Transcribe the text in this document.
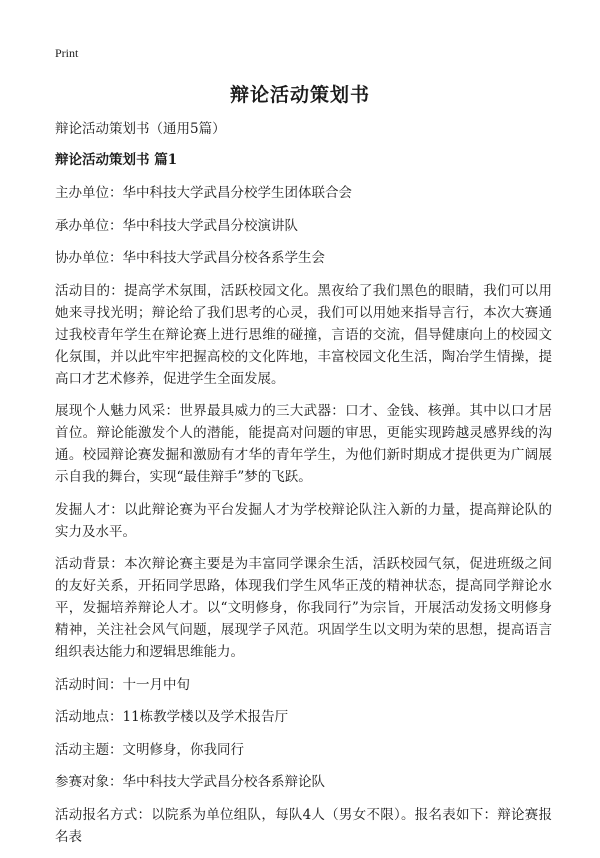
Print
辩论活动策划书

辩论活动策划书（通用5篇）

辩论活动策划书 篇1

主办单位：华中科技大学武昌分校学生团体联合会

承办单位：华中科技大学武昌分校演讲队

协办单位：华中科技大学武昌分校各系学生会

活动目的：提高学术氛围，活跃校园文化。黑夜给了我们黑色的眼睛，我们可以用她来寻找光明；辩论给了我们思考的心灵，我们可以用她来指导言行，本次大赛通过我校青年学生在辩论赛上进行思维的碰撞，言语的交流，倡导健康向上的校园文化氛围，并以此牢牢把握高校的文化阵地，丰富校园文化生活，陶冶学生情操，提高口才艺术修养，促进学生全面发展。

展现个人魅力风采：世界最具威力的三大武器：口才、金钱、核弹。其中以口才居首位。辩论能激发个人的潜能，能提高对问题的审思，更能实现跨越灵感界线的沟通。校园辩论赛发掘和激励有才华的青年学生，为他们新时期成才提供更为广阔展示自我的舞台，实现“最佳辩手”梦的飞跃。

发掘人才：以此辩论赛为平台发掘人才为学校辩论队注入新的力量，提高辩论队的实力及水平。

活动背景：本次辩论赛主要是为丰富同学课余生活，活跃校园气氛，促进班级之间的友好关系，开拓同学思路，体现我们学生风华正茂的精神状态，提高同学辩论水平，发掘培养辩论人才。以“文明修身，你我同行”为宗旨，开展活动发扬文明修身精神，关注社会风气问题，展现学子风范。巩固学生以文明为荣的思想，提高语言组织表达能力和逻辑思维能力。

活动时间：十一月中旬

活动地点：11栋教学楼以及学术报告厅

活动主题：文明修身，你我同行

参赛对象：华中科技大学武昌分校各系辩论队

活动报名方式：以院系为单位组队，每队4人（男女不限）。报名表如下：辩论赛报名表
